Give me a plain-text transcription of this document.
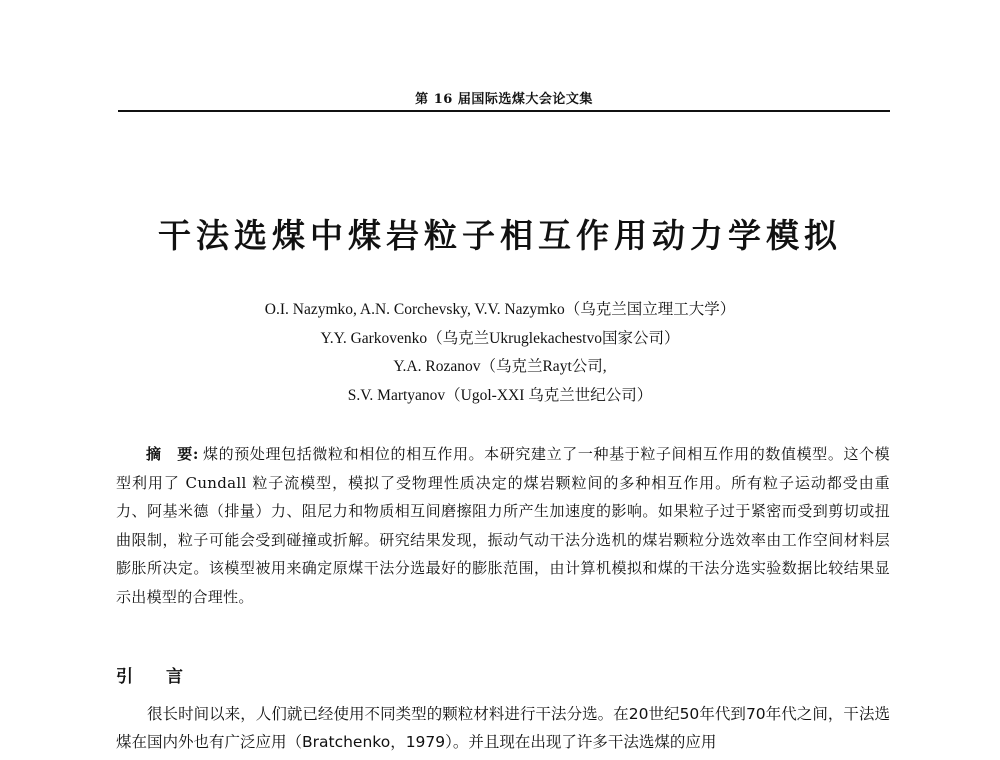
第 16 届国际选煤大会论文集
干法选煤中煤岩粒子相互作用动力学模拟
O.I. Nazymko, A.N. Corchevsky, V.V. Nazymko（乌克兰国立理工大学）
Y.Y. Garkovenko（乌克兰Ukruglekachestvo国家公司）
Y.A. Rozanov（乌克兰Rayt公司,
S.V. Martyanov（Ugol-XXI 乌克兰世纪公司）
摘　要: 煤的预处理包括微粒和相位的相互作用。本研究建立了一种基于粒子间相互作用的数值模型。这个模型利用了 Cundall 粒子流模型，模拟了受物理性质决定的煤岩颗粒间的多种相互作用。所有粒子运动都受由重力、阿基米德（排量）力、阻尼力和物质相互间磨擦阻力所产生加速度的影响。如果粒子过于紧密而受到剪切或扭曲限制，粒子可能会受到碰撞或折解。研究结果发现，振动气动干法分选机的煤岩颗粒分选效率由工作空间材料层膨胀所决定。该模型被用来确定原煤干法分选最好的膨胀范围，由计算机模拟和煤的干法分选实验数据比较结果显示出模型的合理性。
引　言
很长时间以来，人们就已经使用不同类型的颗粒材料进行干法分选。在20世纪50年代到70年代之间，干法选煤在国内外也有广泛应用（Bratchenko，1979）。并且现在出现了许多干法选煤的应用
